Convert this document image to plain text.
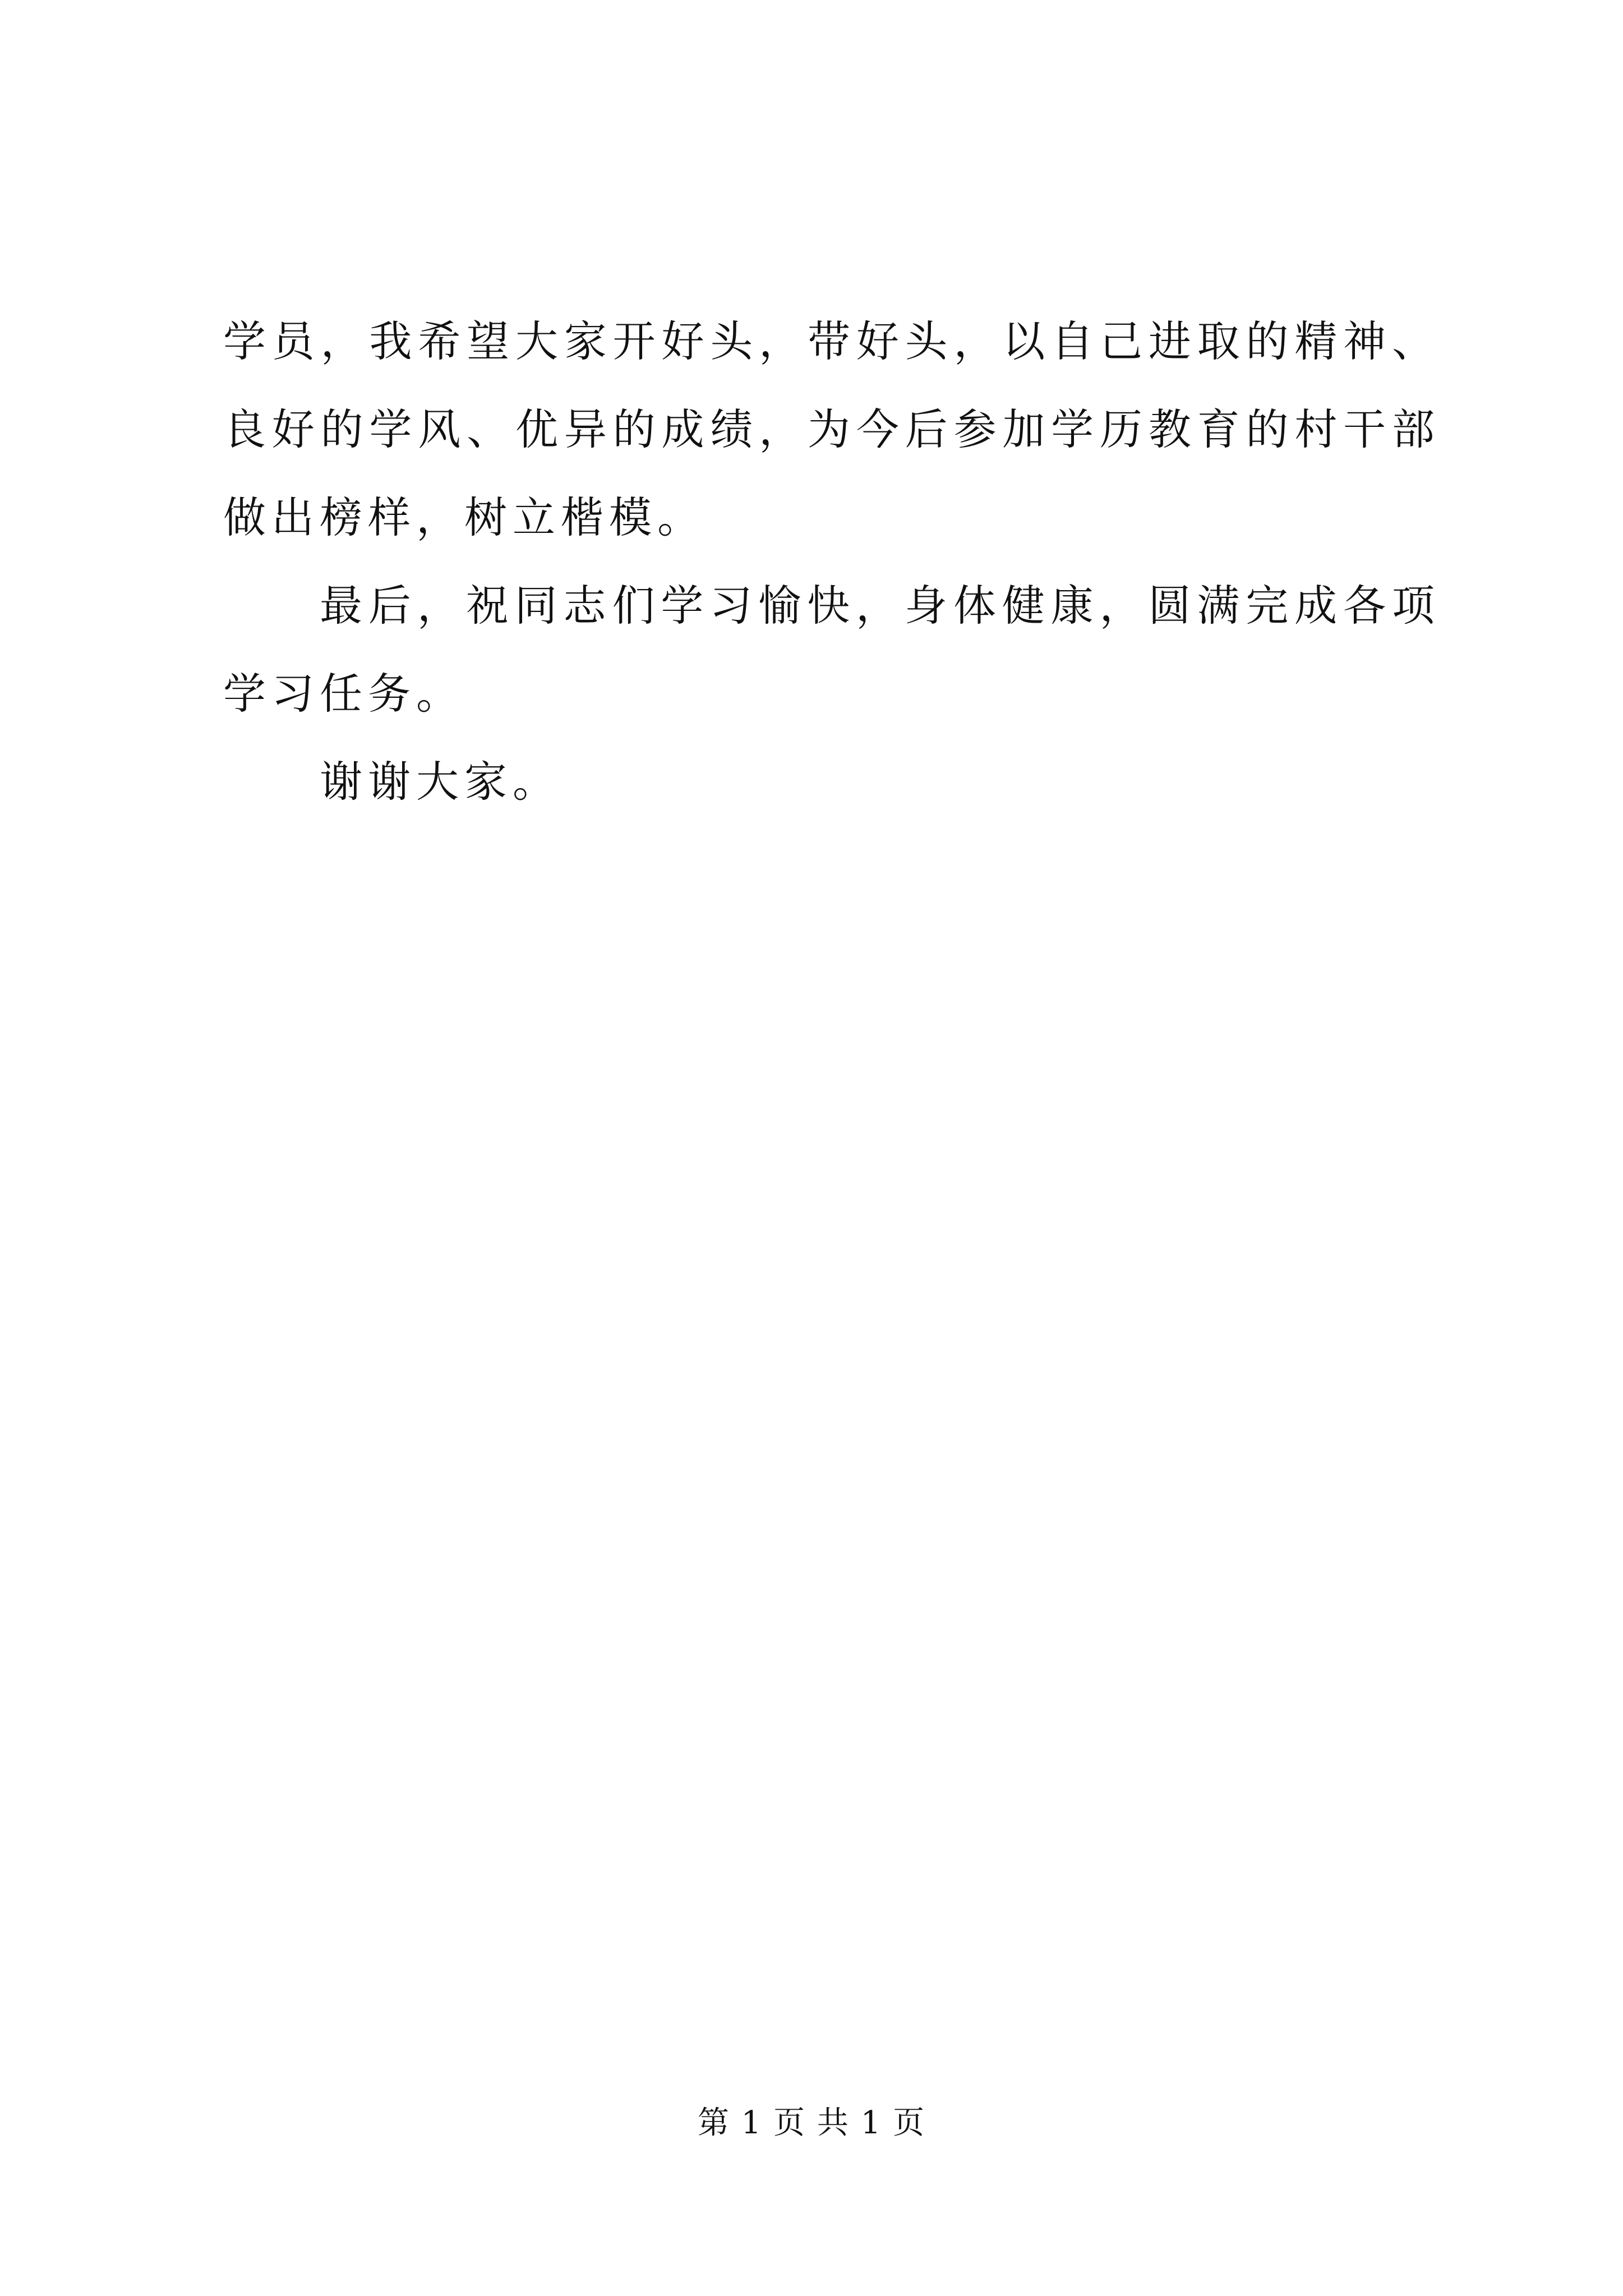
学员，我希望大家开好头，带好头，以自己进取的精神、良好的学风、优异的成绩，为今后参加学历教育的村干部做出榜样，树立楷模。

最后，祝同志们学习愉快，身体健康，圆满完成各项学习任务。

谢谢大家。

第 1 页 共 1 页
